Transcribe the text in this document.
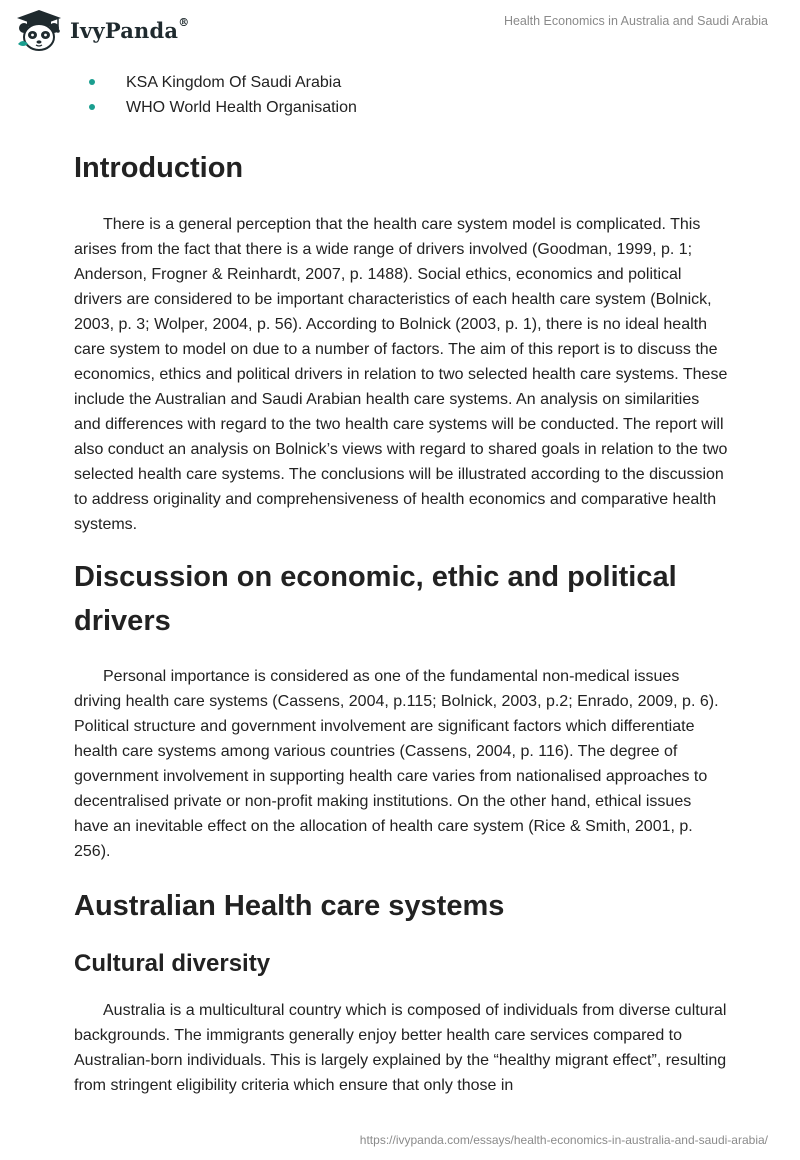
IvyPanda®	Health Economics in Australia and Saudi Arabia
KSA Kingdom Of Saudi Arabia
WHO World Health Organisation
Introduction

There is a general perception that the health care system model is complicated. This arises from the fact that there is a wide range of drivers involved (Goodman, 1999, p. 1; Anderson, Frogner & Reinhardt, 2007, p. 1488). Social ethics, economics and political drivers are considered to be important characteristics of each health care system (Bolnick, 2003, p. 3; Wolper, 2004, p. 56). According to Bolnick (2003, p. 1), there is no ideal health care system to model on due to a number of factors. The aim of this report is to discuss the economics, ethics and political drivers in relation to two selected health care systems. These include the Australian and Saudi Arabian health care systems. An analysis on similarities and differences with regard to the two health care systems will be conducted. The report will also conduct an analysis on Bolnick’s views with regard to shared goals in relation to the two selected health care systems. The conclusions will be illustrated according to the discussion to address originality and comprehensiveness of health economics and comparative health systems.

Discussion on economic, ethic and political drivers

Personal importance is considered as one of the fundamental non-medical issues driving health care systems (Cassens, 2004, p.115; Bolnick, 2003, p.2; Enrado, 2009, p. 6). Political structure and government involvement are significant factors which differentiate health care systems among various countries (Cassens, 2004, p. 116). The degree of government involvement in supporting health care varies from nationalised approaches to decentralised private or non-profit making institutions. On the other hand, ethical issues have an inevitable effect on the allocation of health care system (Rice & Smith, 2001, p. 256).

Australian Health care systems
Cultural diversity

Australia is a multicultural country which is composed of individuals from diverse cultural backgrounds. The immigrants generally enjoy better health care services compared to Australian-born individuals. This is largely explained by the “healthy migrant effect”, resulting from stringent eligibility criteria which ensure that only those in

https://ivypanda.com/essays/health-economics-in-australia-and-saudi-arabia/
